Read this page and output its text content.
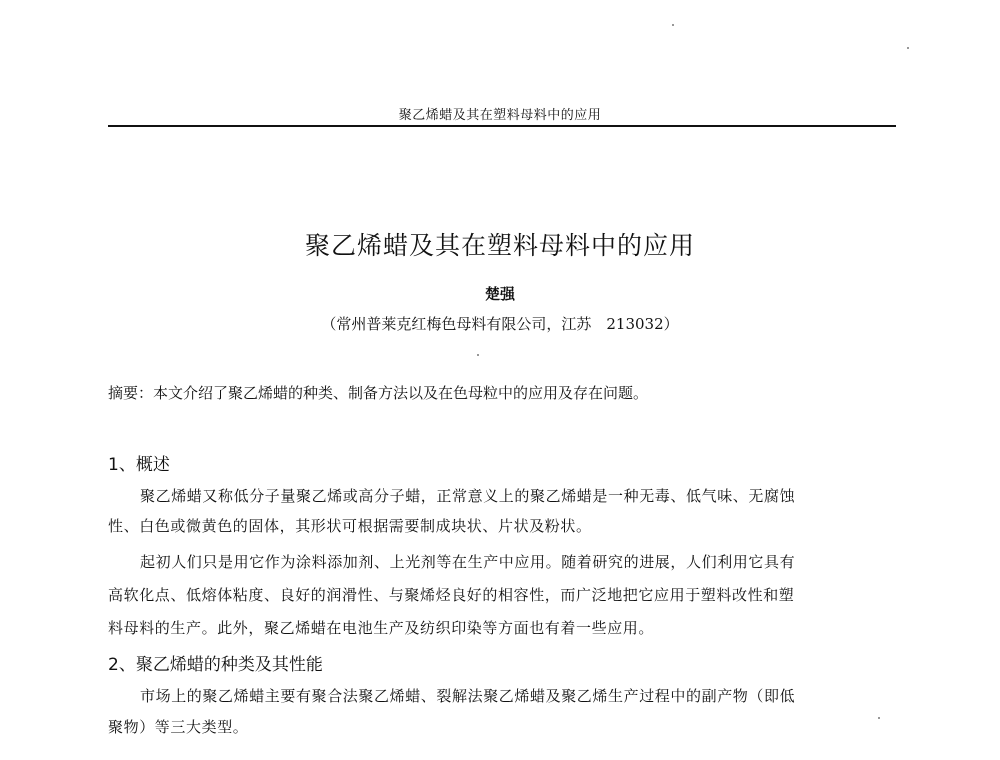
聚乙烯蜡及其在塑料母料中的应用
聚乙烯蜡及其在塑料母料中的应用
楚强
（常州普莱克红梅色母料有限公司，江苏　213032）
摘要：本文介绍了聚乙烯蜡的种类、制备方法以及在色母粒中的应用及存在问题。
1、概述
聚乙烯蜡又称低分子量聚乙烯或高分子蜡，正常意义上的聚乙烯蜡是一种无毒、低气味、无腐蚀
性、白色或微黄色的固体，其形状可根据需要制成块状、片状及粉状。
起初人们只是用它作为涂料添加剂、上光剂等在生产中应用。随着研究的进展，人们利用它具有
高软化点、低熔体粘度、良好的润滑性、与聚烯烃良好的相容性，而广泛地把它应用于塑料改性和塑
料母料的生产。此外，聚乙烯蜡在电池生产及纺织印染等方面也有着一些应用。
2、聚乙烯蜡的种类及其性能
市场上的聚乙烯蜡主要有聚合法聚乙烯蜡、裂解法聚乙烯蜡及聚乙烯生产过程中的副产物（即低
聚物）等三大类型。
